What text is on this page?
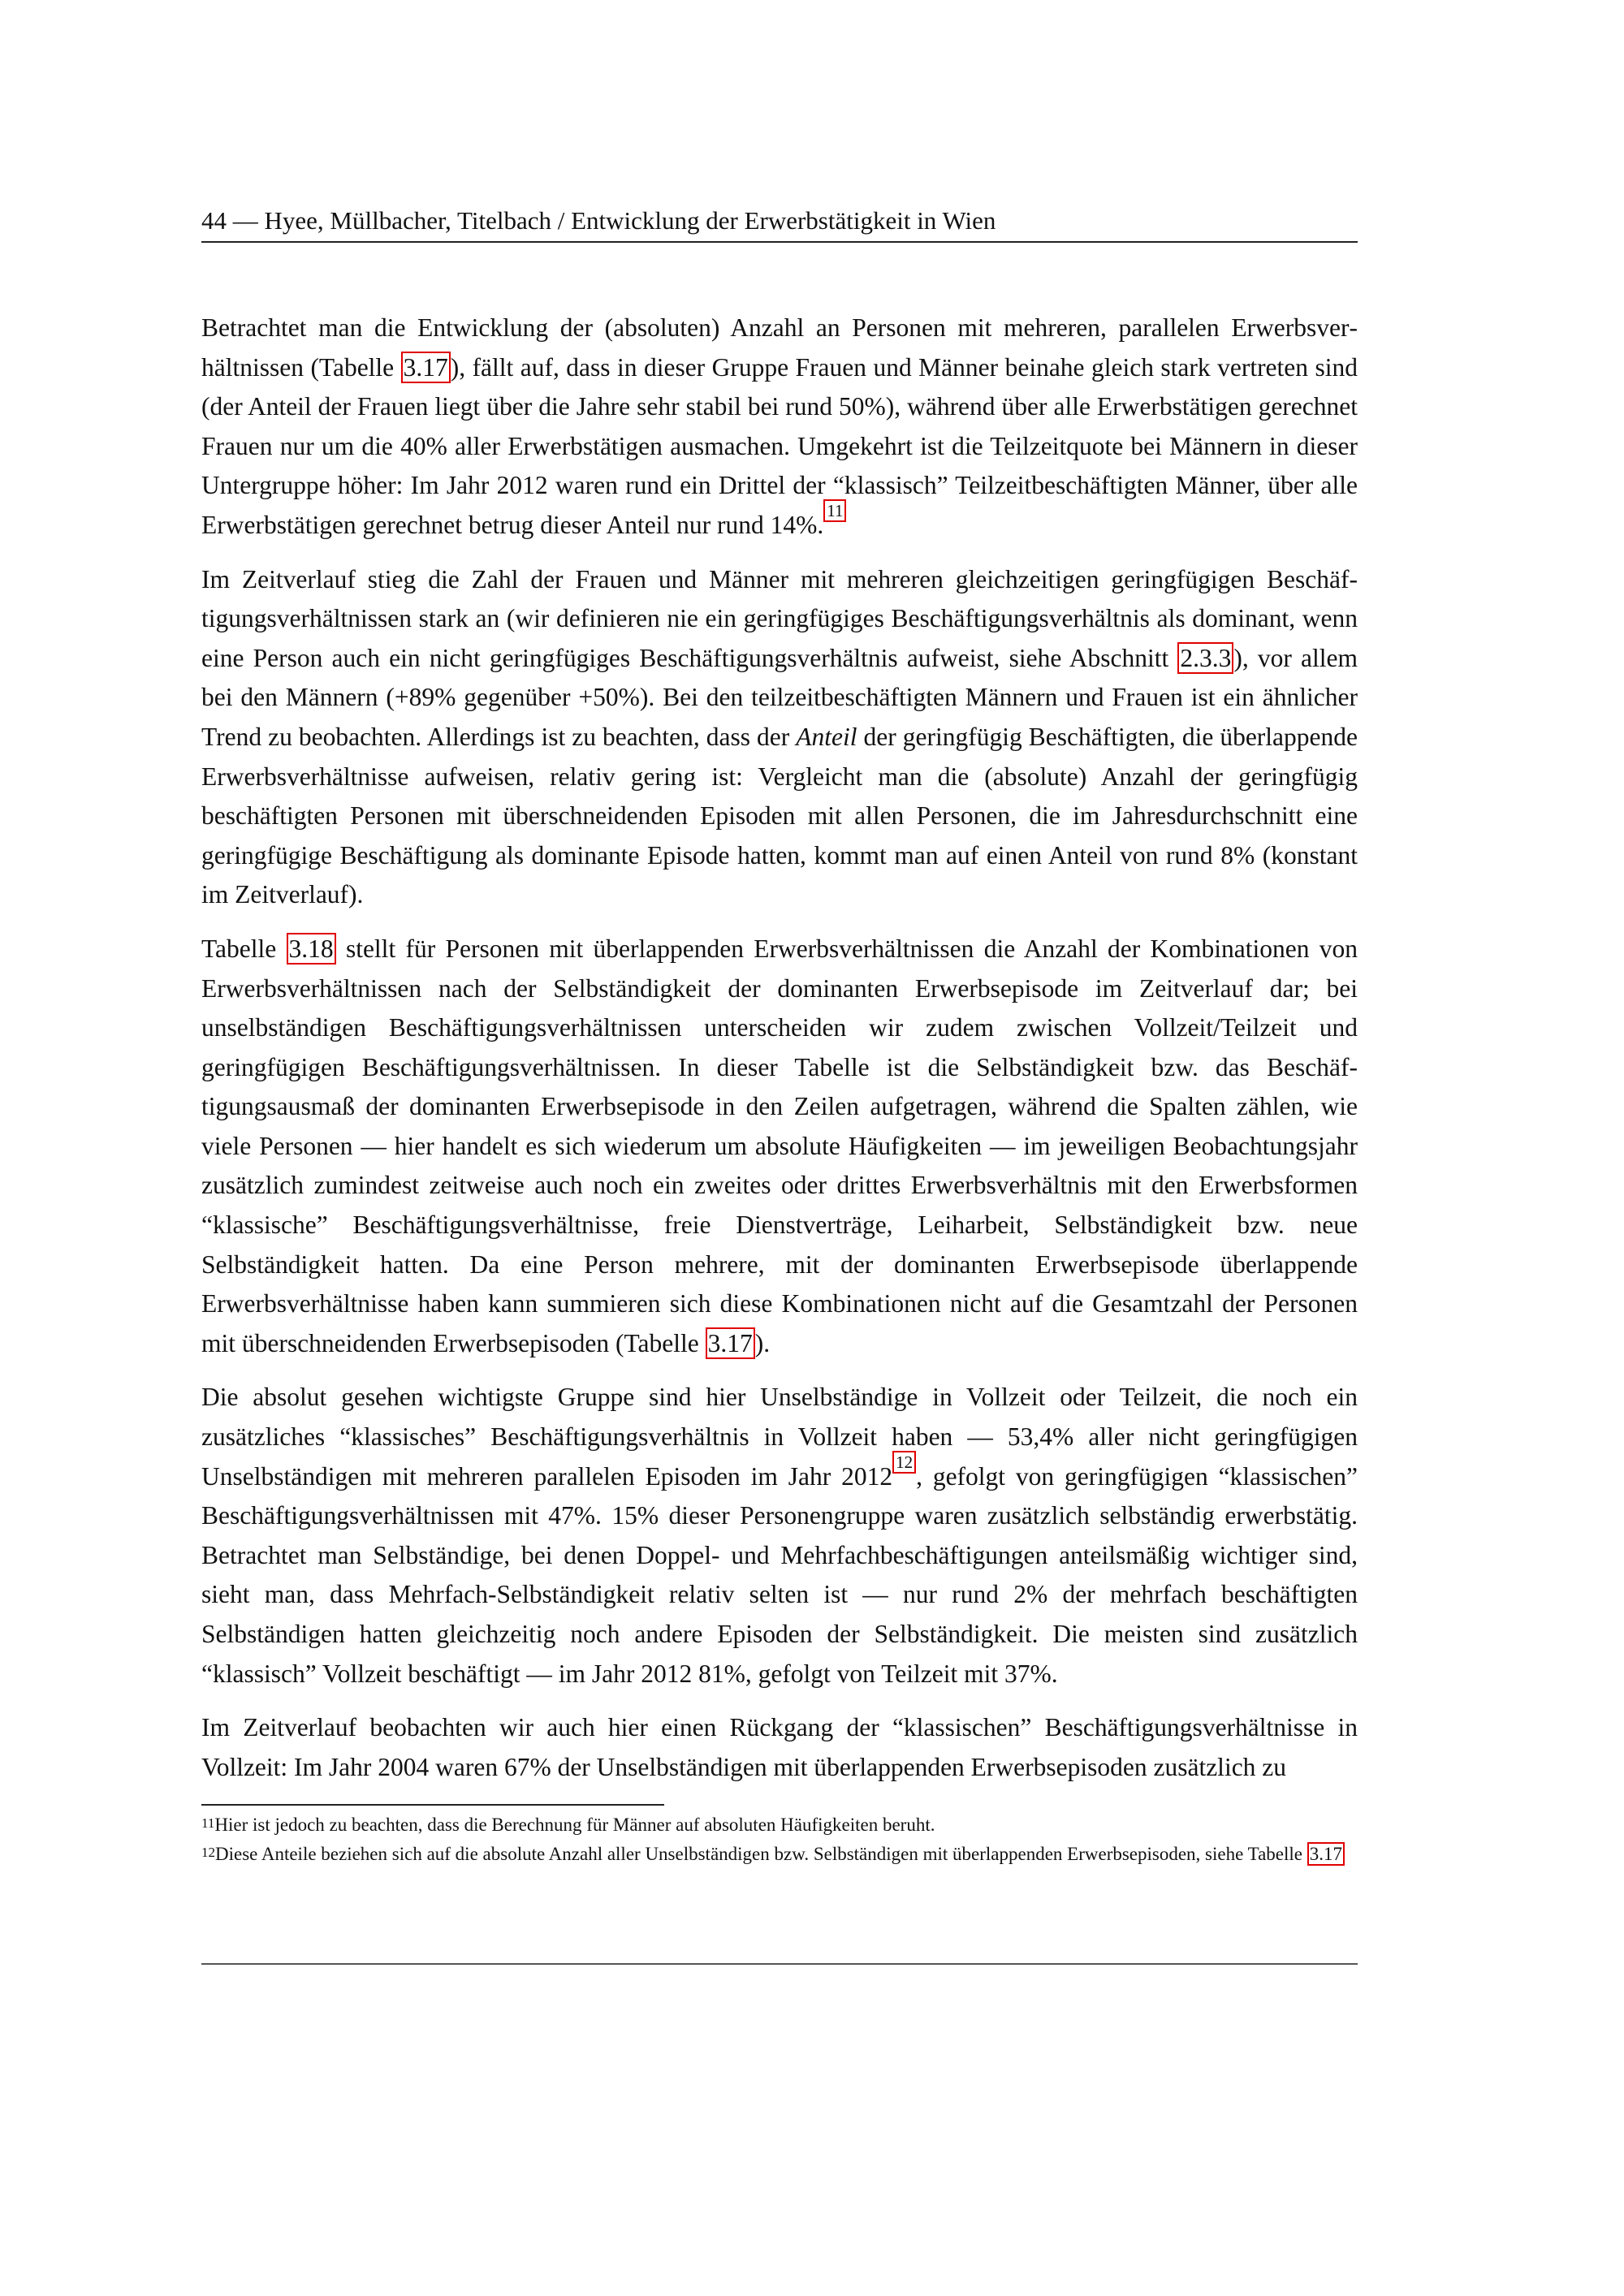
44 — Hyee, Müllbacher, Titelbach / Entwicklung der Erwerbstätigkeit in Wien

Betrachtet man die Entwicklung der (absoluten) Anzahl an Personen mit mehreren, parallelen Erwerbsverhältnissen (Tabelle 3.17), fällt auf, dass in dieser Gruppe Frauen und Männer beinahe gleich stark vertreten sind (der Anteil der Frauen liegt über die Jahre sehr stabil bei rund 50%), während über alle Erwerbstätigen gerechnet Frauen nur um die 40% aller Erwerbstätigen ausmachen. Umgekehrt ist die Teilzeitquote bei Männern in dieser Untergruppe höher: Im Jahr 2012 waren rund ein Drittel der “klassisch” Teilzeitbeschäftigten Männer, über alle Erwerbstätigen gerechnet betrug dieser Anteil nur rund 14%. $^{11}$

Im Zeitverlauf stieg die Zahl der Frauen und Männer mit mehreren gleichzeitigen geringfügigen Beschäftigungsverhältnissen stark an (wir definieren nie ein geringfügiges Beschäftigungsverhältnis als dominant, wenn eine Person auch ein nicht geringfügiges Beschäftigungsverhältnis aufweist, siehe Abschnitt 2.3.3), vor allem bei den Männern (+89% gegenüber +50%). Bei den teilzeitbeschäftigten Männern und Frauen ist ein ähnlicher Trend zu beobachten. Allerdings ist zu beachten, dass der Anteil der geringfügig Beschäftigten, die überlappende Erwerbsverhältnisse aufweisen, relativ gering ist: Vergleicht man die (absolute) Anzahl der geringfügig beschäftigten Personen mit überschneidenden Episoden mit allen Personen, die im Jahresdurchschnitt eine geringfügige Beschäftigung als dominante Episode hatten, kommt man auf einen Anteil von rund 8% (konstant im Zeitverlauf).

Tabelle 3.18 stellt für Personen mit überlappenden Erwerbsverhältnissen die Anzahl der Kombinationen von Erwerbsverhältnissen nach der Selbständigkeit der dominanten Erwerbsepisode im Zeitverlauf dar; bei unselbständigen Beschäftigungsverhältnissen unterscheiden wir zudem zwischen Vollzeit/Teilzeit und geringfügigen Beschäftigungsverhältnissen. In dieser Tabelle ist die Selbständigkeit bzw. das Beschäftigungsausmaß der dominanten Erwerbsepisode in den Zeilen aufgetragen, während die Spalten zählen, wie viele Personen — hier handelt es sich wiederum um absolute Häufigkeiten — im jeweiligen Beobachtungsjahr zusätzlich zumindest zeitweise auch noch ein zweites oder drittes Erwerbsverhältnis mit den Erwerbsformen “klassische” Beschäftigungsverhältnisse, freie Dienstverträge, Leiharbeit, Selbständigkeit bzw. neue Selbständigkeit hatten. Da eine Person mehrere, mit der dominanten Erwerbsepisode überlappende Erwerbsverhältnisse haben kann summieren sich diese Kombinationen nicht auf die Gesamtzahl der Personen mit überschneidenden Erwerbsepisoden (Tabelle 3.17).

Die absolut gesehen wichtigste Gruppe sind hier Unselbständige in Vollzeit oder Teilzeit, die noch ein zusätzliches “klassisches” Beschäftigungsverhältnis in Vollzeit haben — 53,4% aller nicht geringfügigen Unselbständigen mit mehreren parallelen Episoden im Jahr 2012 $^{12}$ , gefolgt von geringfügigen “klassischen” Beschäftigungsverhältnissen mit 47%. 15% dieser Personengruppe waren zusätzlich selbständig erwerbstätig. Betrachtet man Selbständige, bei denen Doppel- und Mehrfachbeschäftigungen anteilsmäßig wichtiger sind, sieht man, dass Mehrfach-Selbständigkeit relativ selten ist — nur rund 2% der mehrfach beschäftigten Selbständigen hatten gleichzeitig noch andere Episoden der Selbständigkeit. Die meisten sind zusätzlich “klassisch” Vollzeit beschäftigt — im Jahr 2012 81%, gefolgt von Teilzeit mit 37%.

Im Zeitverlauf beobachten wir auch hier einen Rückgang der “klassischen” Beschäftigungsverhältnisse in Vollzeit: Im Jahr 2004 waren 67% der Unselbständigen mit überlappenden Erwerbsepisoden zusätzlich zu

$^{11}$Hier ist jedoch zu beachten, dass die Berechnung für Männer auf absoluten Häufigkeiten beruht.

$^{12}$Diese Anteile beziehen sich auf die absolute Anzahl aller Unselbständigen bzw. Selbständigen mit überlappenden Erwerbsepisoden, siehe Tabelle 3.17
